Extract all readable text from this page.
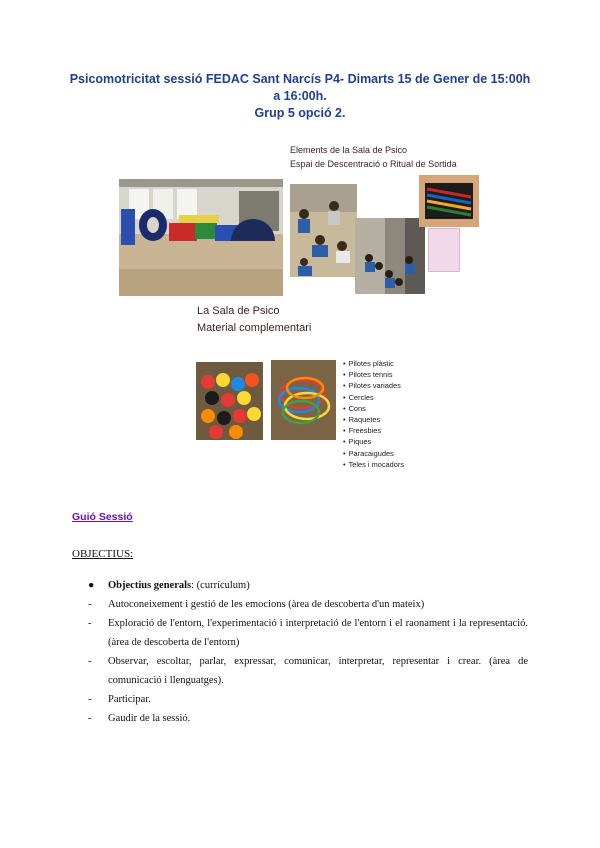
Psicomotricitat sessió FEDAC Sant Narcís P4- Dimarts 15 de Gener de 15:00h
a 16:00h.
Grup 5 opció 2.
Elements de la Sala de Psico
Espai de Descentració o Ritual de Sortida
La Sala de Psico
Material complementari
• Pilotes plàstic
• Pilotes tennis
• Pilotes variades
• Cercles
• Cons
• Raquetes
• Freesbies
• Piques
• Paracaigudes
• Teles i mocadors
Guió Sessió
OBJECTIUS:
● Objectius generals: (currículum)
- Autoconeixement i gestió de les emocions (àrea de descoberta d'un mateix)
- Exploració de l'entorn, l'experimentació i interpretació de l'entorn i el raonament i la representació. (àrea de descoberta de l'entorn)
- Observar, escoltar, parlar, expressar, comunicar, interpretar, representar i crear. (àrea de comunicació i llenguatges).
- Participar.
- Gaudir de la sessió.
